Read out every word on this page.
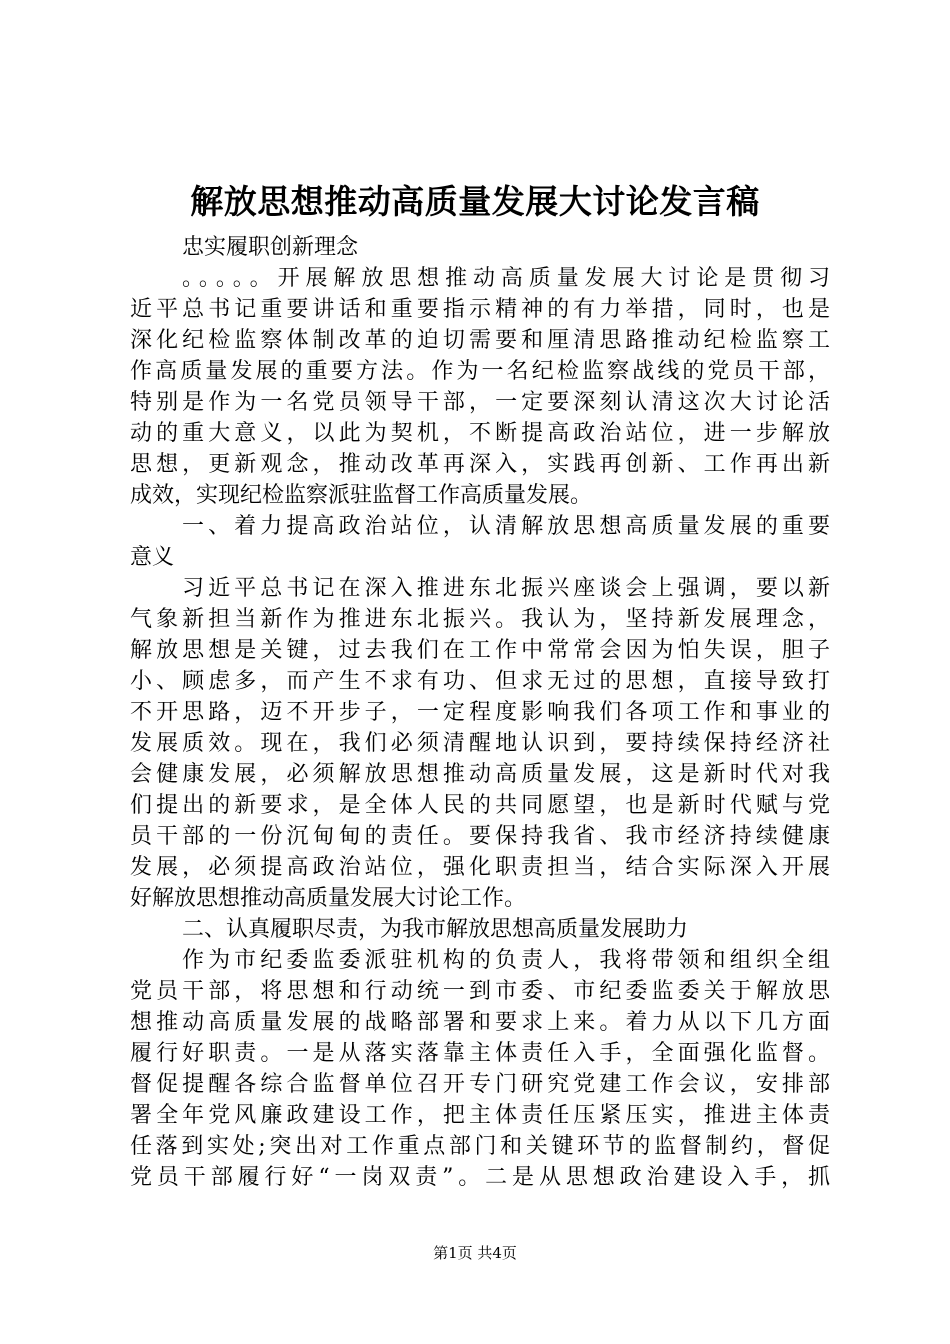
解放思想推动高质量发展大讨论发言稿
忠实履职创新理念
。。。。。开展解放思想推动高质量发展大讨论是贯彻习
近平总书记重要讲话和重要指示精神的有力举措，同时，也是
深化纪检监察体制改革的迫切需要和厘清思路推动纪检监察工
作高质量发展的重要方法。作为一名纪检监察战线的党员干部，
特别是作为一名党员领导干部，一定要深刻认清这次大讨论活
动的重大意义，以此为契机，不断提高政治站位，进一步解放
思想，更新观念，推动改革再深入，实践再创新、工作再出新
成效，实现纪检监察派驻监督工作高质量发展。
一、着力提高政治站位，认清解放思想高质量发展的重要
意义
习近平总书记在深入推进东北振兴座谈会上强调，要以新
气象新担当新作为推进东北振兴。我认为，坚持新发展理念，
解放思想是关键，过去我们在工作中常常会因为怕失误，胆子
小、顾虑多，而产生不求有功、但求无过的思想，直接导致打
不开思路，迈不开步子，一定程度影响我们各项工作和事业的
发展质效。现在，我们必须清醒地认识到，要持续保持经济社
会健康发展，必须解放思想推动高质量发展，这是新时代对我
们提出的新要求，是全体人民的共同愿望，也是新时代赋与党
员干部的一份沉甸甸的责任。要保持我省、我市经济持续健康
发展，必须提高政治站位，强化职责担当，结合实际深入开展
好解放思想推动高质量发展大讨论工作。
二、认真履职尽责，为我市解放思想高质量发展助力
作为市纪委监委派驻机构的负责人，我将带领和组织全组
党员干部，将思想和行动统一到市委、市纪委监委关于解放思
想推动高质量发展的战略部署和要求上来。着力从以下几方面
履行好职责。一是从落实落靠主体责任入手，全面强化监督。
督促提醒各综合监督单位召开专门研究党建工作会议，安排部
署全年党风廉政建设工作，把主体责任压紧压实，推进主体责
任落到实处;突出对工作重点部门和关键环节的监督制约，督促
党员干部履行好“一岗双责”。二是从思想政治建设入手，抓
第1页 共4页
